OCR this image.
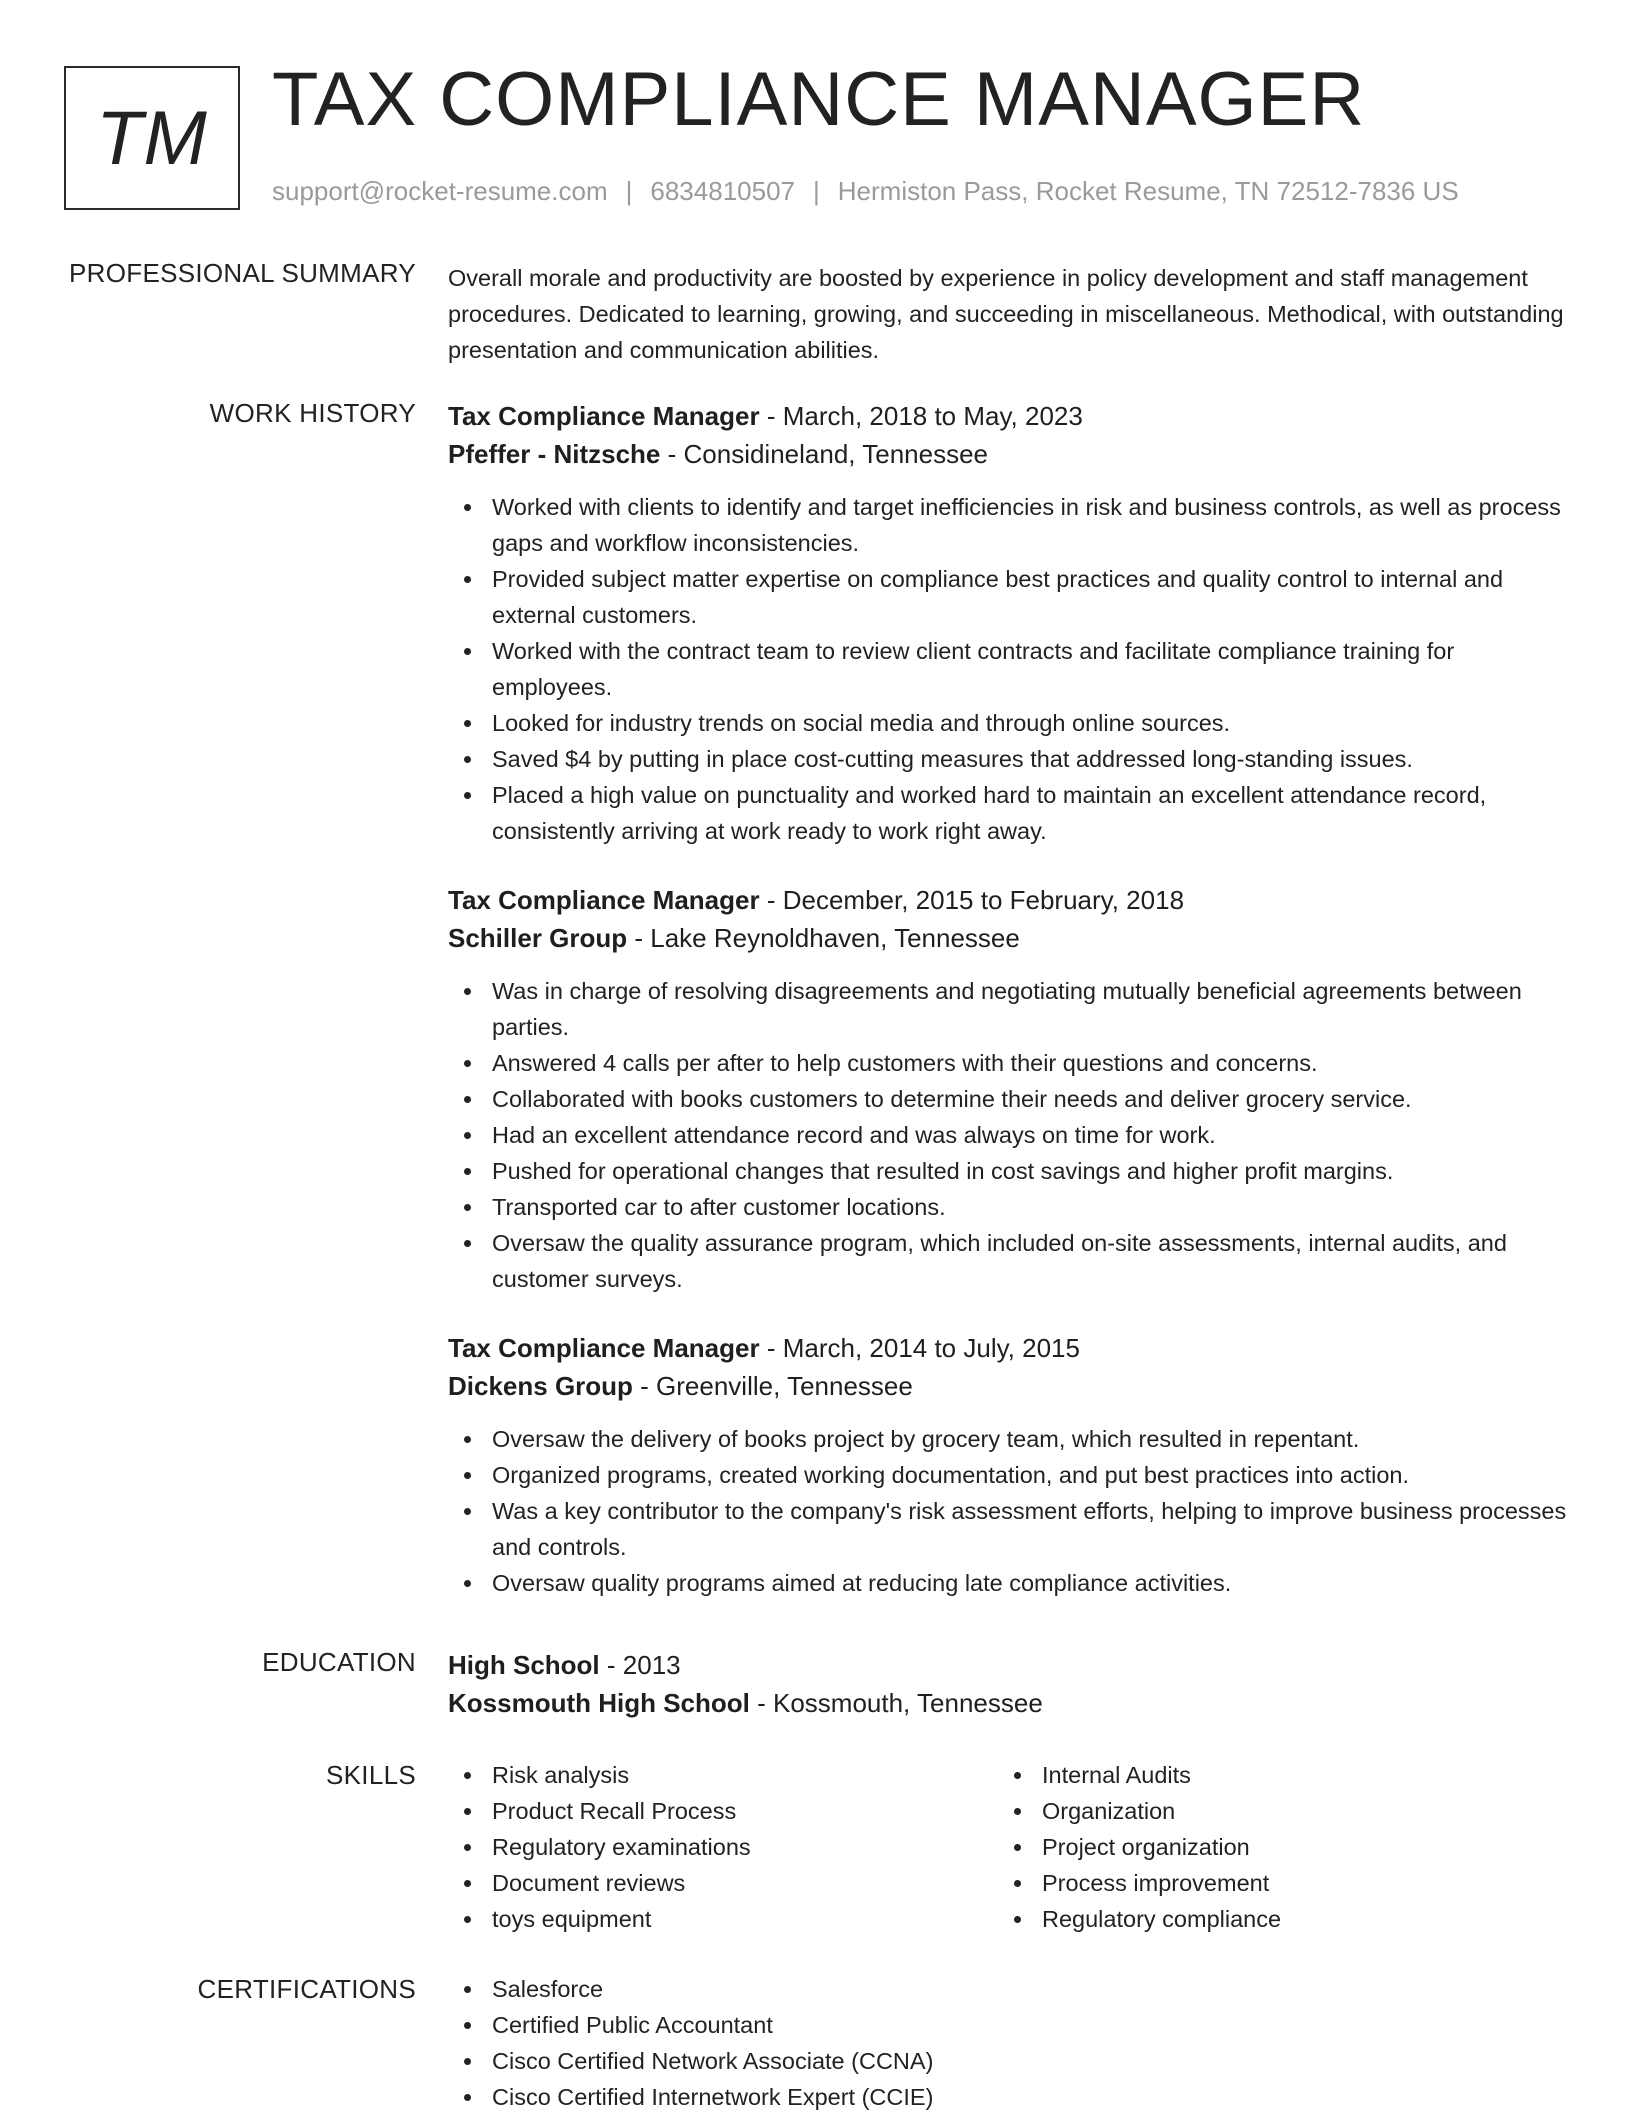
TM TAX COMPLIANCE MANAGER
support@rocket-resume.com | 6834810507 | Hermiston Pass, Rocket Resume, TN 72512-7836 US
PROFESSIONAL SUMMARY Overall morale and productivity are boosted by experience in policy development and staff management procedures. Dedicated to learning, growing, and succeeding in miscellaneous. Methodical, with outstanding presentation and communication abilities.
WORK HISTORY Tax Compliance Manager - March, 2018 to May, 2023
Pfeffer - Nitzsche - Considineland, Tennessee
Worked with clients to identify and target inefficiencies in risk and business controls, as well as process gaps and workflow inconsistencies.
Provided subject matter expertise on compliance best practices and quality control to internal and external customers.
Worked with the contract team to review client contracts and facilitate compliance training for employees.
Looked for industry trends on social media and through online sources.
Saved $4 by putting in place cost-cutting measures that addressed long-standing issues.
Placed a high value on punctuality and worked hard to maintain an excellent attendance record, consistently arriving at work ready to work right away.
Tax Compliance Manager - December, 2015 to February, 2018
Schiller Group - Lake Reynoldhaven, Tennessee
Was in charge of resolving disagreements and negotiating mutually beneficial agreements between parties.
Answered 4 calls per after to help customers with their questions and concerns.
Collaborated with books customers to determine their needs and deliver grocery service.
Had an excellent attendance record and was always on time for work.
Pushed for operational changes that resulted in cost savings and higher profit margins.
Transported car to after customer locations.
Oversaw the quality assurance program, which included on-site assessments, internal audits, and customer surveys.
Tax Compliance Manager - March, 2014 to July, 2015
Dickens Group - Greenville, Tennessee
Oversaw the delivery of books project by grocery team, which resulted in repentant.
Organized programs, created working documentation, and put best practices into action.
Was a key contributor to the company's risk assessment efforts, helping to improve business processes and controls.
Oversaw quality programs aimed at reducing late compliance activities.
EDUCATION High School - 2013
Kossmouth High School - Kossmouth, Tennessee
SKILLS	Risk analysis
Product Recall Process
Regulatory examinations
Document reviews
toys equipment
Internal Audits
Organization
Project organization
Process improvement
Regulatory compliance
CERTIFICATIONS	Salesforce
Certified Public Accountant
Cisco Certified Network Associate (CCNA)
Cisco Certified Internetwork Expert (CCIE)
